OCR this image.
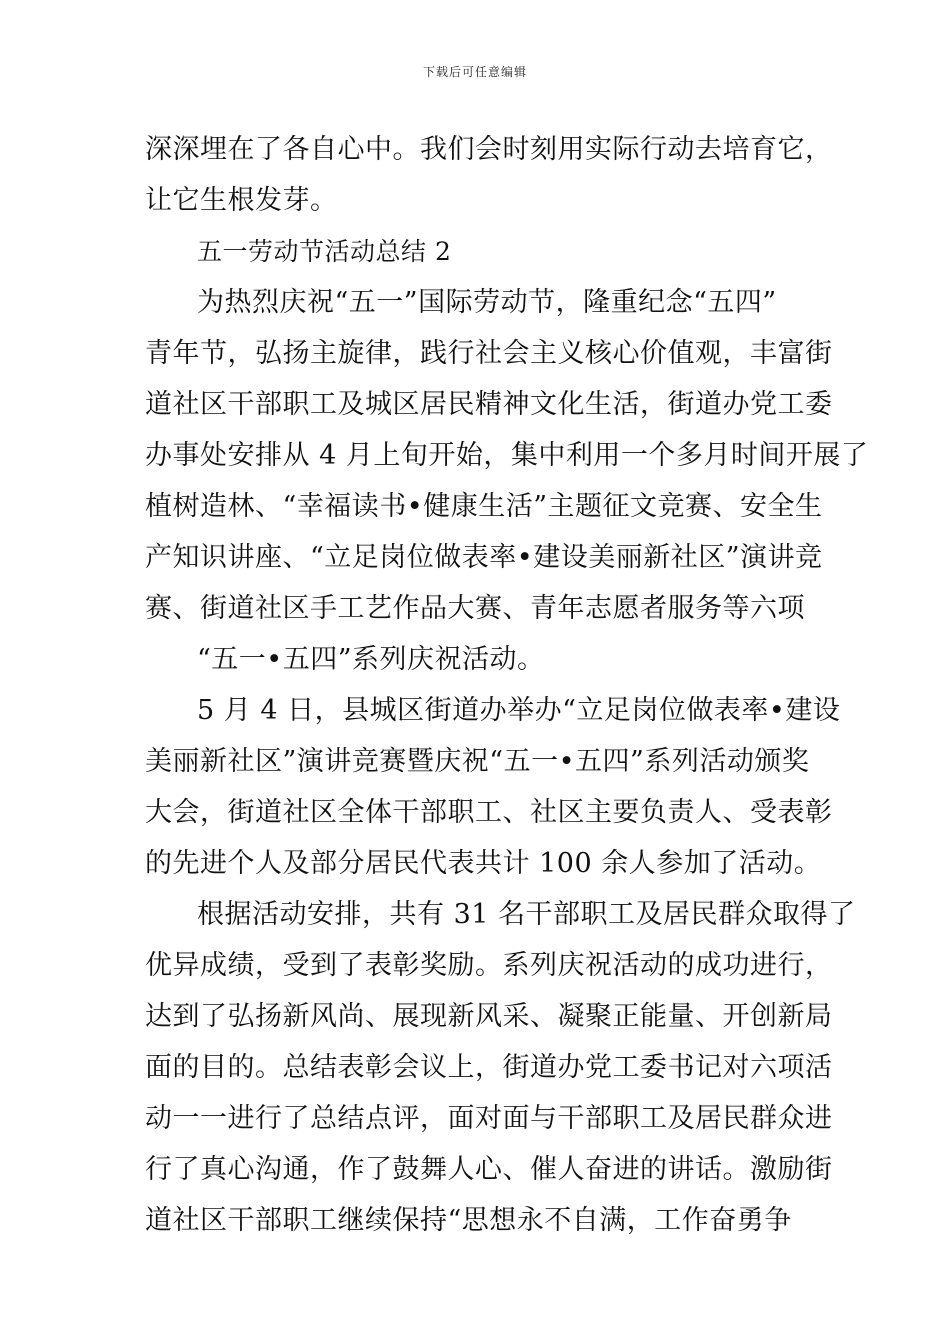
下载后可任意编辑
深深埋在了各自心中。我们会时刻用实际行动去培育它，
让它生根发芽。
五一劳动节活动总结 2
为热烈庆祝“五一”国际劳动节，隆重纪念“五四”
青年节，弘扬主旋律，践行社会主义核心价值观，丰富街
道社区干部职工及城区居民精神文化生活，街道办党工委
办事处安排从 4 月上旬开始，集中利用一个多月时间开展了
植树造林、“幸福读书•健康生活”主题征文竞赛、安全生
产知识讲座、“立足岗位做表率•建设美丽新社区”演讲竞
赛、街道社区手工艺作品大赛、青年志愿者服务等六项
“五一•五四”系列庆祝活动。
5 月 4 日，县城区街道办举办“立足岗位做表率•建设
美丽新社区”演讲竞赛暨庆祝“五一•五四”系列活动颁奖
大会，街道社区全体干部职工、社区主要负责人、受表彰
的先进个人及部分居民代表共计 100 余人参加了活动。
根据活动安排，共有 31 名干部职工及居民群众取得了
优异成绩，受到了表彰奖励。系列庆祝活动的成功进行，
达到了弘扬新风尚、展现新风采、凝聚正能量、开创新局
面的目的。总结表彰会议上，街道办党工委书记对六项活
动一一进行了总结点评，面对面与干部职工及居民群众进
行了真心沟通，作了鼓舞人心、催人奋进的讲话。激励街
道社区干部职工继续保持“思想永不自满，工作奋勇争
